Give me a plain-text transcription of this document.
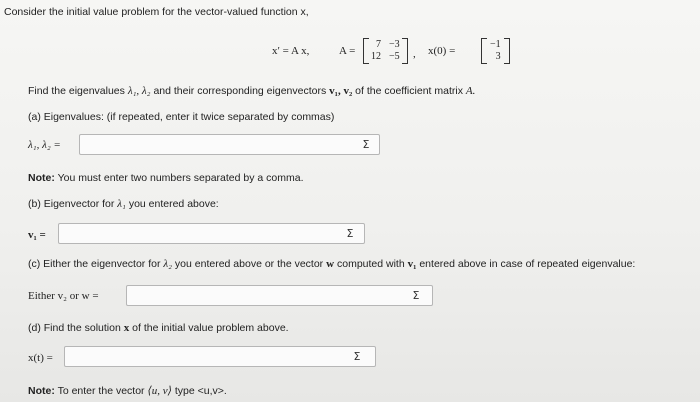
Consider the initial value problem for the vector-valued function x,
x′ = A x,	A =
7 −3
12 −5 , x(0) =
−1
3
Find the eigenvalues λ₁, λ₂ and their corresponding eigenvectors v₁, v₂ of the coefficient matrix A.
(a) Eigenvalues: (if repeated, enter it twice separated by commas)
λ₁, λ₂ =	Σ
Note: You must enter two numbers separated by a comma.
(b) Eigenvector for λ₁ you entered above:
v₁ =	Σ
(c) Either the eigenvector for λ₂ you entered above or the vector w computed with v₁ entered above in case of repeated eigenvalue:
Either v₂ or w =	Σ
(d) Find the solution x of the initial value problem above.
x(t) =	Σ
Note: To enter the vector ⟨u, v⟩ type <u,v>.
